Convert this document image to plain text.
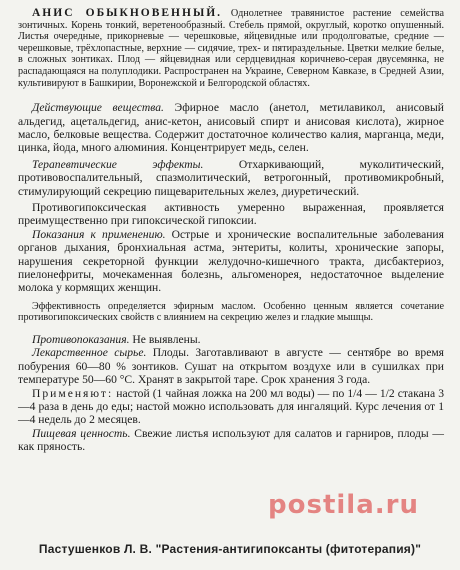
АНИС ОБЫКНОВЕННЫЙ. Однолетнее травянистое растение семейства зонтичных. Корень тонкий, веретенообразный. Стебель прямой, округлый, коротко опушенный. Листья очередные, прикорневые — черешковые, яйцевидные или продолговатые, средние — черешковые, трёхлопастные, верхние — сидячие, трех- и пятираздельные. Цветки мелкие белые, в сложных зонтиках. Плод — яйцевидная или сердцевидная коричнево-серая двусемянка, не распадающаяся на полуплодики. Распространен на Украине, Северном Кавказе, в Средней Азии, культивируют в Башкирии, Воронежской и Белгородской областях.

Действующие вещества. Эфирное масло (анетол, метилавикол, анисовый альдегид, ацетальдегид, анис-кетон, анисовый спирт и анисовая кислота), жирное масло, белковые вещества. Содержит достаточное количество калия, марганца, меди, цинка, йода, много алюминия. Концентрирует медь, селен.

Терапевтические эффекты.	Отхаркивающий, муколитический, противовоспалительный, спазмолитический, ветрогонный, противомикробный, стимулирующий секрецию пищеварительных желез, диуретический.

Противогипоксическая активность умеренно выраженная, проявляется преимущественно при гипоксической гипоксии.

Показания к применению. Острые и хронические воспалительные заболевания органов дыхания, бронхиальная астма, энтериты, колиты, хронические запоры, нарушения секреторной функции желудочно-кишечного тракта, дисбактериоз, пиелонефриты, мочекаменная болезнь, альгоменорея, недостаточное выделение молока у кормящих женщин.

Эффективность определяется эфирным маслом. Особенно ценным является сочетание противогипоксических свойств с влиянием на секрецию желез и гладкие мышцы.

Противопоказания. Не выявлены.

Лекарственное сырье. Плоды. Заготавливают в августе — сентябре во время побурения 60—80 % зонтиков. Сушат на открытом воздухе или в сушилках при температуре 50—60 °С. Хранят в закрытой таре. Срок хранения 3 года.

Применяют: настой (1 чайная ложка на 200 мл воды) — по 1/4 — 1/2 стакана 3—4 раза в день до еды; настой можно использовать для ингаляций. Курс лечения от 1—4 недель до 2 месяцев.

Пищевая ценность. Свежие листья используют для салатов и гарниров, плоды — как пряность.

postila.ru
Пастушенков Л. В. "Растения-антигипоксанты (фитотерапия)"
